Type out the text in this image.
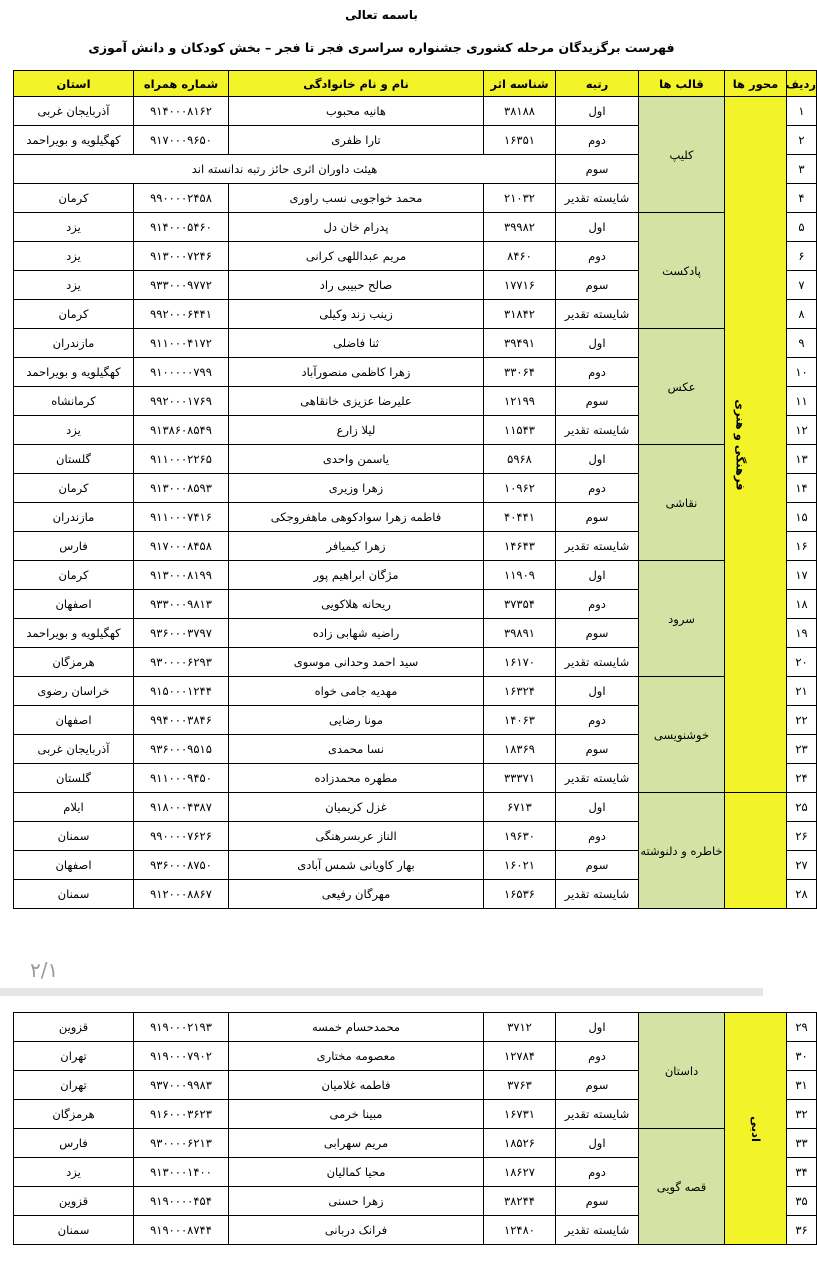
باسمه تعالی
فهرست برگزیدگان مرحله کشوری جشنواره سراسری فجر تا فجر – بخش کودکان و دانش آموزی
ردیف	محور ها	قالب ها	رتبه	شناسه اثر	نام و نام خانوادگی	شماره همراه	استان
۱	فرهنگی و هنری	کلیپ	اول	۳۸۱۸۸	هانیه محبوب	۹۱۴۰۰۰۸۱۶۲	آذربایجان غربی
۲			دوم	۱۶۳۵۱	تارا ظفری	۹۱۷۰۰۰۹۶۵۰	کهگیلویه و بویراحمد
۳			سوم	هیئت داوران اثری حائز رتبه ندانسته اند			
۴			شایسته تقدیر	۲۱۰۳۲	محمد خواجویی نسب راوری	۹۹۰۰۰۰۲۴۵۸	کرمان
۵		پادکست	اول	۳۹۹۸۲	پدرام خان دل	۹۱۴۰۰۰۵۴۶۰	یزد
۶			دوم	۸۴۶۰	مریم عبداللهی کرانی	۹۱۳۰۰۰۷۲۴۶	یزد
۷			سوم	۱۷۷۱۶	صالح حبیبی راد	۹۳۳۰۰۰۹۷۷۲	یزد
۸			شایسته تقدیر	۳۱۸۴۲	زینب زند وکیلی	۹۹۲۰۰۰۶۴۴۱	کرمان
۹		عکس	اول	۳۹۴۹۱	ثنا فاضلی	۹۱۱۰۰۰۴۱۷۲	مازندران
۱۰			دوم	۳۳۰۶۴	زهرا کاظمی منصورآباد	۹۱۰۰۰۰۰۷۹۹	کهگیلویه و بویراحمد
۱۱			سوم	۱۲۱۹۹	علیرضا عزیزی خانقاهی	۹۹۲۰۰۰۱۷۶۹	کرمانشاه
۱۲			شایسته تقدیر	۱۱۵۴۳	لیلا زارع	۹۱۳۸۶۰۸۵۴۹	یزد
۱۳		نقاشی	اول	۵۹۶۸	یاسمن واحدی	۹۱۱۰۰۰۲۲۶۵	گلستان
۱۴			دوم	۱۰۹۶۲	زهرا وزیری	۹۱۳۰۰۰۸۵۹۳	کرمان
۱۵			سوم	۴۰۴۴۱	فاطمه زهرا سوادکوهی ماهفروجکی	۹۱۱۰۰۰۷۴۱۶	مازندران
۱۶			شایسته تقدیر	۱۴۶۴۳	زهرا کیمیافر	۹۱۷۰۰۰۸۴۵۸	فارس
۱۷		سرود	اول	۱۱۹۰۹	مژگان ابراهیم پور	۹۱۳۰۰۰۸۱۹۹	کرمان
۱۸			دوم	۳۷۳۵۴	ریحانه هلاکویی	۹۳۳۰۰۰۹۸۱۳	اصفهان
۱۹			سوم	۳۹۸۹۱	راضیه شهابی زاده	۹۳۶۰۰۰۳۷۹۷	کهگیلویه و بویراحمد
۲۰			شایسته تقدیر	۱۶۱۷۰	سید احمد وحدانی موسوی	۹۳۰۰۰۰۶۲۹۳	هرمزگان
۲۱		خوشنویسی	اول	۱۶۳۲۴	مهدیه جامی خواه	۹۱۵۰۰۰۱۲۴۴	خراسان رضوی
۲۲			دوم	۱۴۰۶۳	مونا رضایی	۹۹۴۰۰۰۳۸۴۶	اصفهان
۲۳			سوم	۱۸۳۶۹	نسا محمدی	۹۳۶۰۰۰۹۵۱۵	آذربایجان غربی
۲۴			شایسته تقدیر	۳۳۳۷۱	مطهره محمدزاده	۹۱۱۰۰۰۹۴۵۰	گلستان
۲۵		خاطره و دلنوشته	اول	۶۷۱۳	غزل کریمیان	۹۱۸۰۰۰۴۳۸۷	ایلام
۲۶			دوم	۱۹۶۳۰	الناز عربسرهنگی	۹۹۰۰۰۰۷۶۲۶	سمنان
۲۷			سوم	۱۶۰۲۱	بهار کاویانی شمس آبادی	۹۳۶۰۰۰۸۷۵۰	اصفهان
۲۸			شایسته تقدیر	۱۶۵۳۶	مهرگان رفیعی	۹۱۲۰۰۰۸۸۶۷	سمنان
۲/۱
۲۹	ادبی	داستان	اول	۳۷۱۲	محمدحسام خمسه	۹۱۹۰۰۰۲۱۹۳	قزوین
۳۰			دوم	۱۲۷۸۴	معصومه مختاری	۹۱۹۰۰۰۷۹۰۲	تهران
۳۱			سوم	۳۷۶۳	فاطمه غلامیان	۹۳۷۰۰۰۹۹۸۳	تهران
۳۲			شایسته تقدیر	۱۶۷۳۱	مبینا خرمی	۹۱۶۰۰۰۳۶۲۳	هرمزگان
۳۳		قصه گویی	اول	۱۸۵۲۶	مریم سهرابی	۹۳۰۰۰۰۶۲۱۳	فارس
۳۴			دوم	۱۸۶۲۷	محیا کمالیان	۹۱۳۰۰۰۱۴۰۰	یزد
۳۵			سوم	۳۸۲۴۴	زهرا حسنی	۹۱۹۰۰۰۰۴۵۴	قزوین
۳۶			شایسته تقدیر	۱۲۴۸۰	فرانک دربانی	۹۱۹۰۰۰۸۷۴۴	سمنان
